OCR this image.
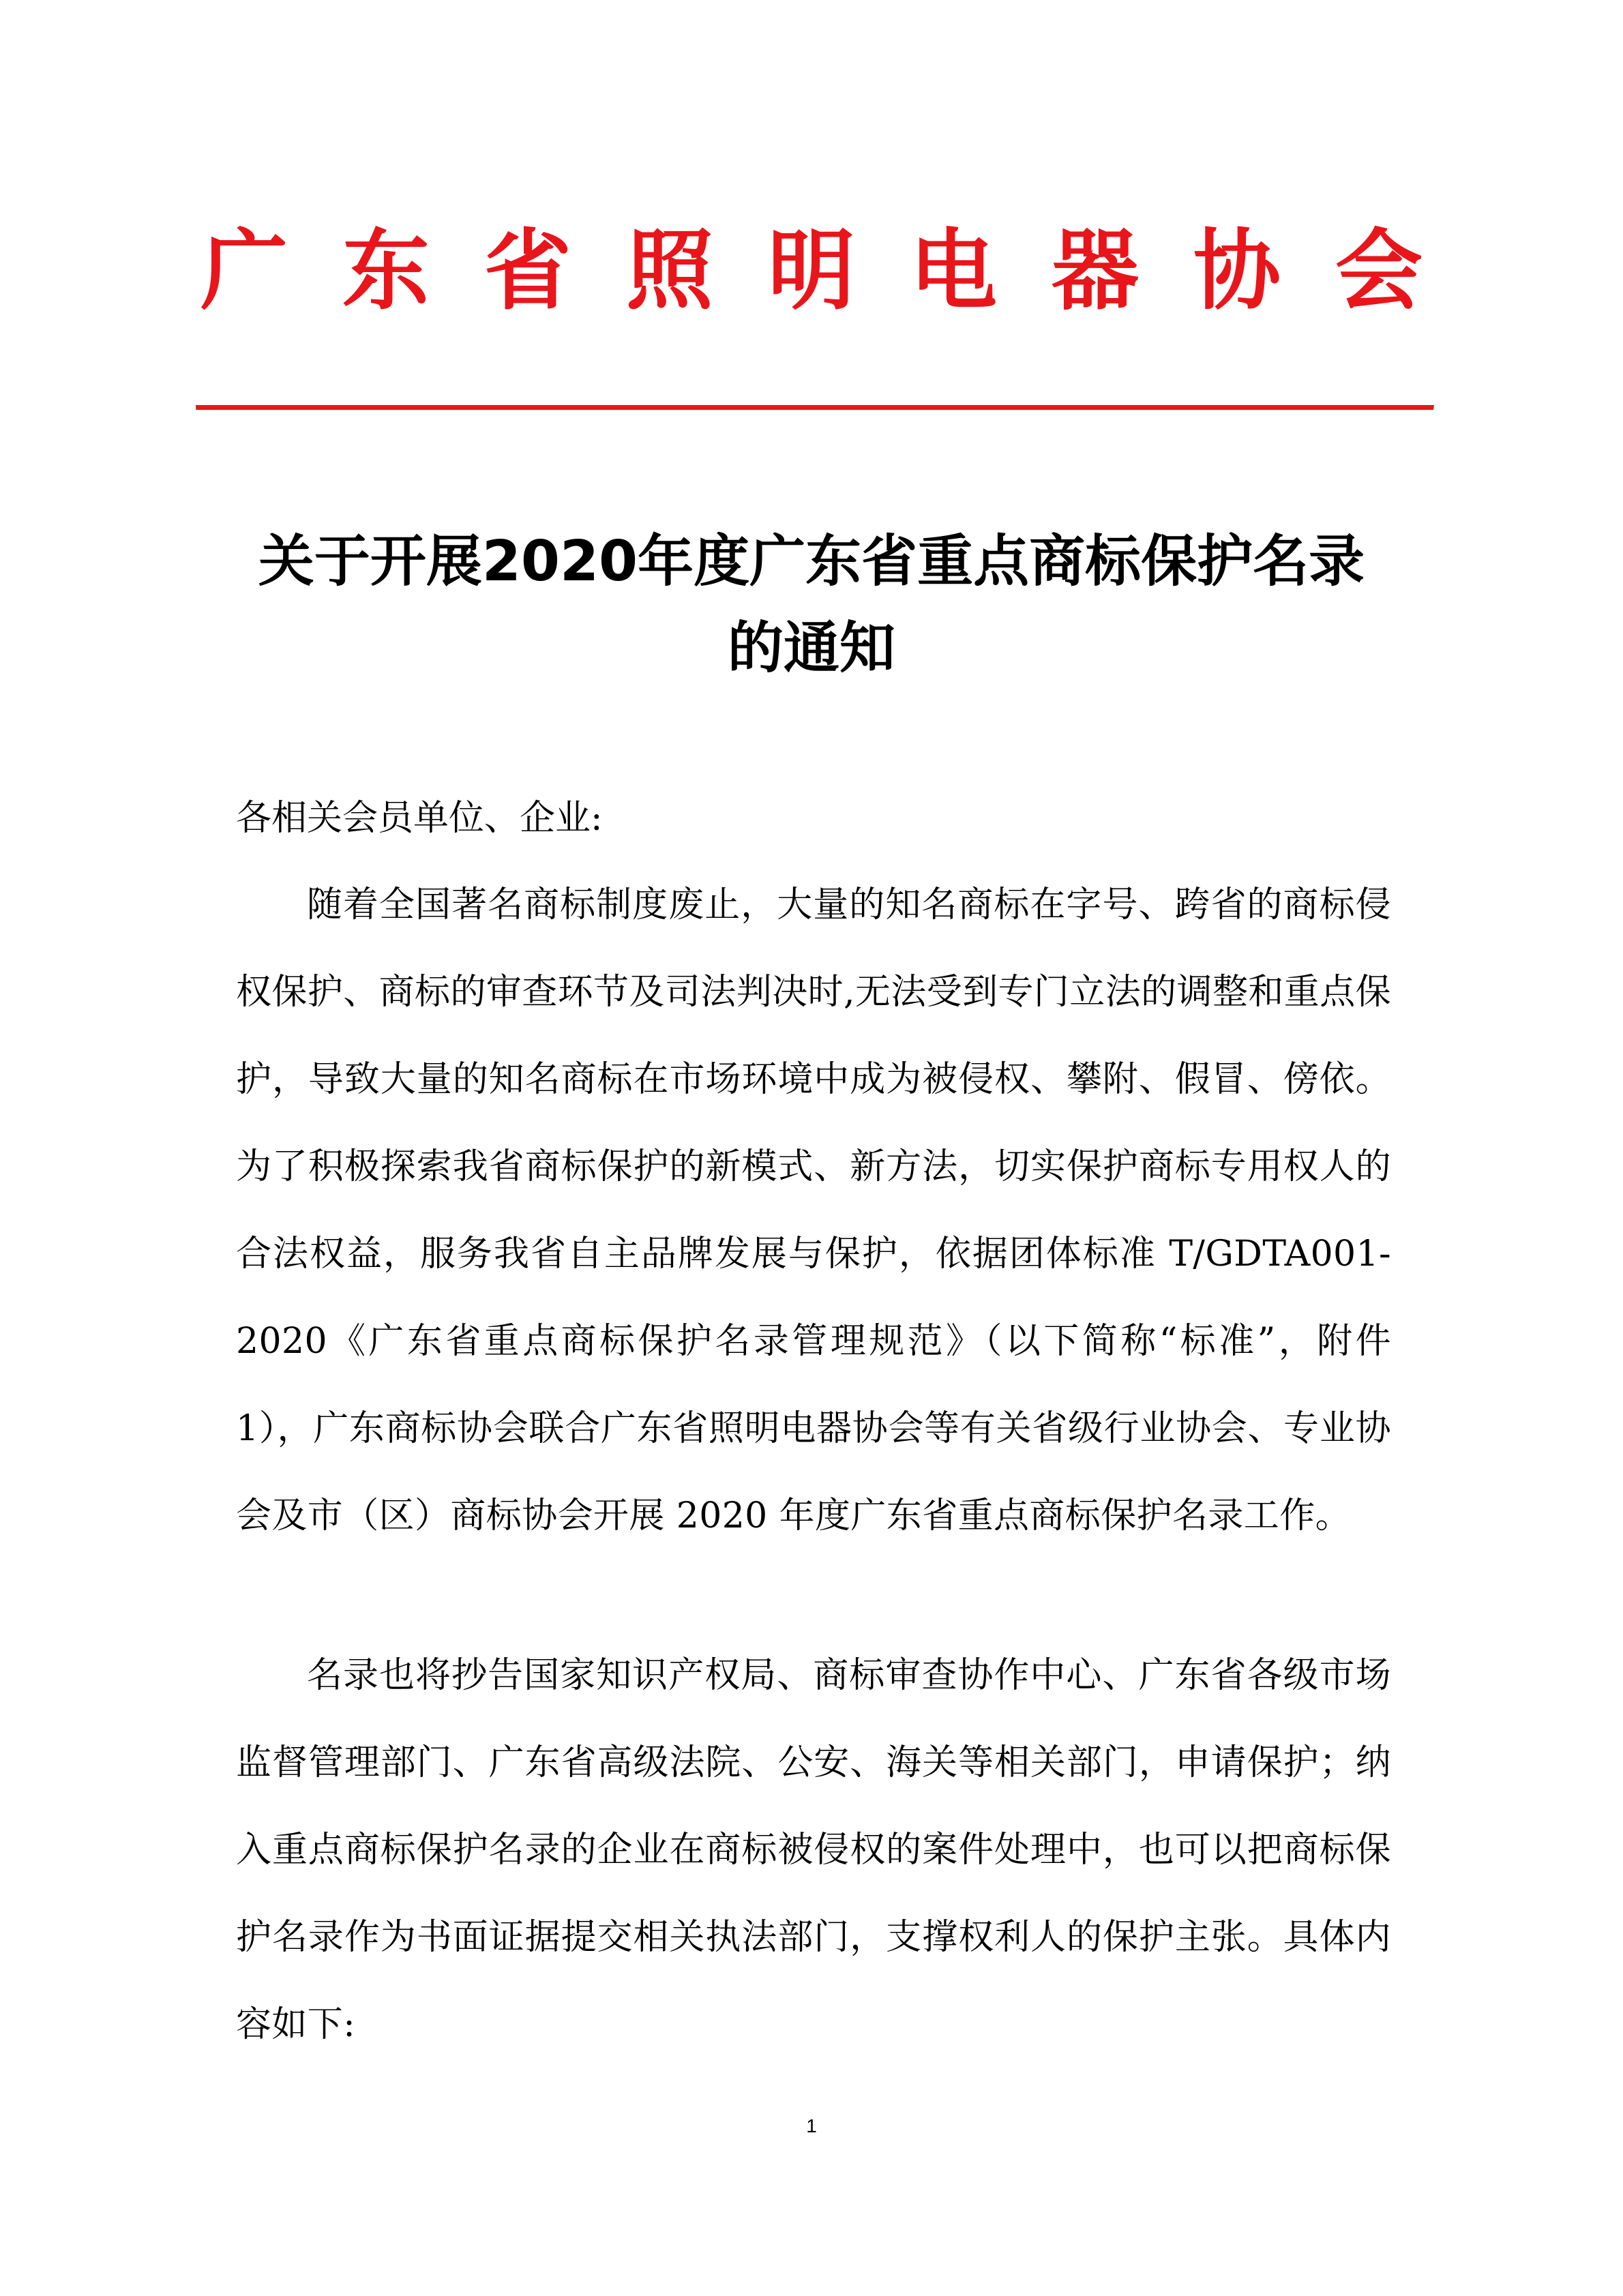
广东省照明电器协会
关于开展2020年度广东省重点商标保护名录
的通知

各相关会员单位、企业:

随着全国著名商标制度废止，大量的知名商标在字号、跨省的商标侵权保护、商标的审查环节及司法判决时,无法受到专门立法的调整和重点保护，导致大量的知名商标在市场环境中成为被侵权、攀附、假冒、傍依。为了积极探索我省商标保护的新模式、新方法，切实保护商标专用权人的合法权益，服务我省自主品牌发展与保护，依据团体标准 T/GDTA001-2020《广东省重点商标保护名录管理规范》（以下简称“标准”，附件 1），广东商标协会联合广东省照明电器协会等有关省级行业协会、专业协会及市（区）商标协会开展 2020 年度广东省重点商标保护名录工作。

名录也将抄告国家知识产权局、商标审查协作中心、广东省各级市场监督管理部门、广东省高级法院、公安、海关等相关部门，申请保护；纳入重点商标保护名录的企业在商标被侵权的案件处理中，也可以把商标保护名录作为书面证据提交相关执法部门，支撑权利人的保护主张。具体内容如下:

1
